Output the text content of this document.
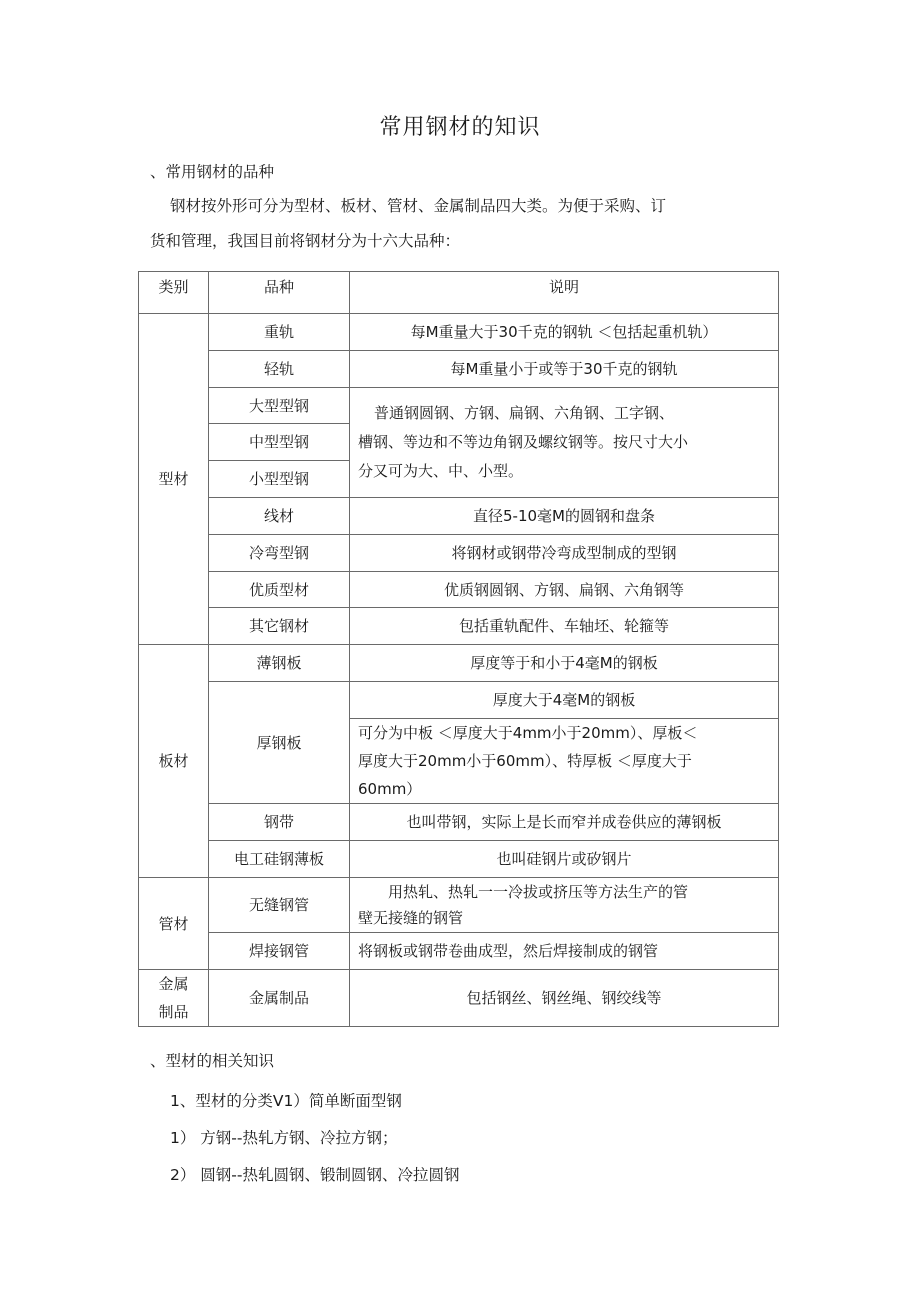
常用钢材的知识
、常用钢材的品种
钢材按外形可分为型材、板材、管材、金属制品四大类。为便于采购、订
货和管理，我国目前将钢材分为十六大品种：
类别	品种	说明
型材	重轨	每M重量大于30千克的钢轨 ＜包括起重机轨）
	轻轨	每M重量小于或等于30千克的钢轨
	大型型钢	普通钢圆钢、方钢、扁钢、六角钢、工字钢、
槽钢、等边和不等边角钢及螺纹钢等。按尺寸大小
分又可为大、中、小型。

	中型型钢	
	小型型钢	
	线材	直径5-10毫M的圆钢和盘条
	冷弯型钢	将钢材或钢带冷弯成型制成的型钢
	优质型材	优质钢圆钢、方钢、扁钢、六角钢等
	其它钢材	包括重轨配件、车轴坯、轮箍等
板材	薄钢板	厚度等于和小于4毫M的钢板
	厚钢板	厚度大于4毫M的钢板

		可分为中板 ＜厚度大于4mm小于20mm）、厚板＜
厚度大于20mm小于60mm）、特厚板 ＜厚度大于
60mm）

	钢带	也叫带钢，实际上是长而窄并成卷供应的薄钢板
	电工硅钢薄板	也叫硅钢片或矽钢片
管材	无缝钢管	用热轧、热轧一一冷拔或挤压等方法生产的管
壁无接缝的钢管

	焊接钢管	将钢板或钢带卷曲成型，然后焊接制成的钢管

金属
制品	金属制品	包括钢丝、钢丝绳、钢绞线等
、型材的相关知识
1、型材的分类V1）简单断面型钢
1） 方钢--热轧方钢、冷拉方钢；
2） 圆钢--热轧圆钢、锻制圆钢、冷拉圆钢
